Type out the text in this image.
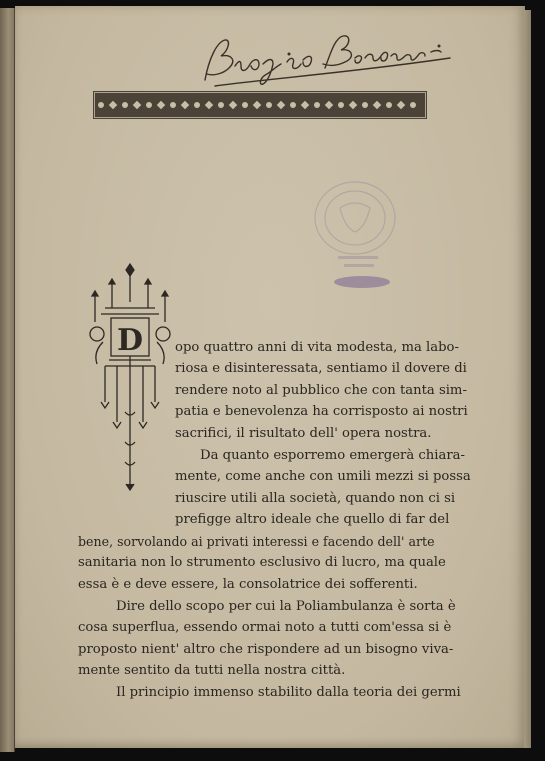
D opo quattro anni di vita modesta, ma labo-
riosa e disinteressata, sentiamo il dovere di
rendere noto al pubblico che con tanta sim-
patia e benevolenza ha corrisposto ai nostri
sacrifici, il risultato dell' opera nostra.
Da quanto esporremo emergerà chiara-
mente, come anche con umili mezzi si possa
riuscire utili alla società, quando non ci si
prefigge altro ideale che quello di far del
bene, sorvolando ai privati interessi e facendo dell' arte
sanitaria non lo strumento esclusivo di lucro, ma quale
essa è e deve essere, la consolatrice dei sofferenti.
Dire dello scopo per cui la Poliambulanza è sorta è
cosa superflua, essendo ormai noto a tutti com'essa si è
proposto nient' altro che rispondere ad un bisogno viva-
mente sentito da tutti nella nostra città.
Il principio immenso stabilito dalla teoria dei germi
